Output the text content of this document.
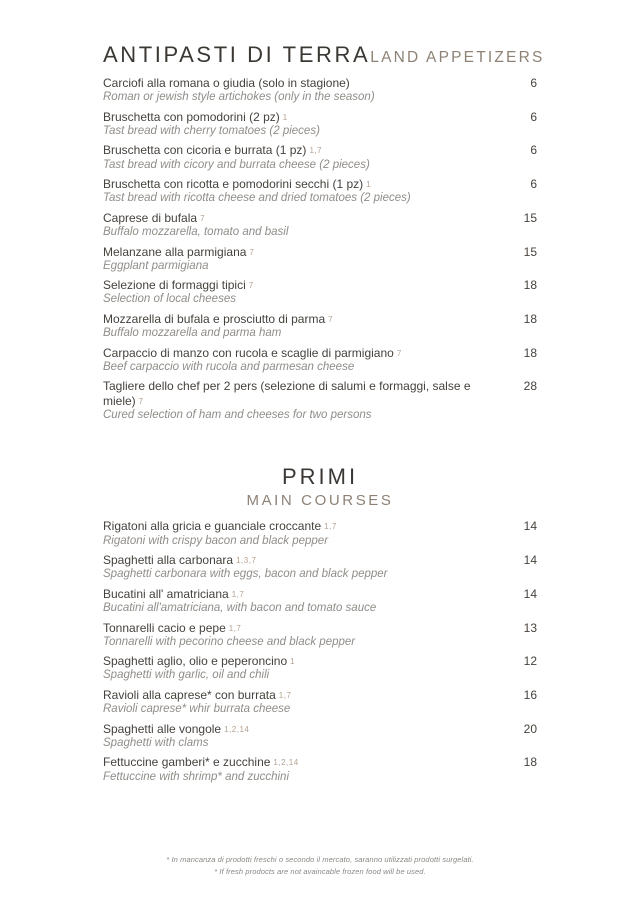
ANTIPASTI DI TERRA LAND APPETIZERS
Carciofi alla romana o giudia (solo in stagione)
Roman or jewish style artichokes (only in the season)
6
Bruschetta con pomodorini (2 pz) 1
Tast bread with cherry tomatoes (2 pieces)
6
Bruschetta con cicoria e burrata (1 pz) 1,7
Tast bread with cicory and burrata cheese (2 pieces)
6
Bruschetta con ricotta e pomodorini secchi (1 pz) 1
Tast bread with ricotta cheese and dried tomatoes (2 pieces)
6
Caprese di bufala 7
Buffalo mozzarella, tomato and basil
15
Melanzane alla parmigiana 7
Eggplant parmigiana
15
Selezione di formaggi tipici 7
Selection of local cheeses
18
Mozzarella di bufala e prosciutto di parma 7
Buffalo mozzarella and parma ham
18
Carpaccio di manzo con rucola e scaglie di parmigiano 7
Beef carpaccio with rucola and parmesan cheese
18
Tagliere dello chef per 2 pers (selezione di salumi e formaggi, salse e miele) 7
Cured selection of ham and cheeses for two persons
28
PRIMI
MAIN COURSES
Rigatoni alla gricia e guanciale croccante 1,7
Rigatoni with crispy bacon and black pepper
14
Spaghetti alla carbonara 1,3,7
Spaghetti carbonara with eggs, bacon and black pepper
14
Bucatini all' amatriciana 1,7
Bucatini all'amatriciana, with bacon and tomato sauce
14
Tonnarelli cacio e pepe 1,7
Tonnarelli with pecorino cheese and black pepper
13
Spaghetti aglio, olio e peperoncino 1
Spaghetti with garlic, oil and chili
12
Ravioli alla caprese* con burrata 1,7
Ravioli caprese* whir burrata cheese
16
Spaghetti alle vongole 1,2,14
Spaghetti with clams
20
Fettuccine gamberi* e zucchine 1,2,14
Fettuccine with shrimp* and zucchini
18
* In mancanza di prodotti freschi o secondo il mercato, saranno utilizzati prodotti surgelati.
* If fresh prodocts are not avaincable frozen food will be used.
